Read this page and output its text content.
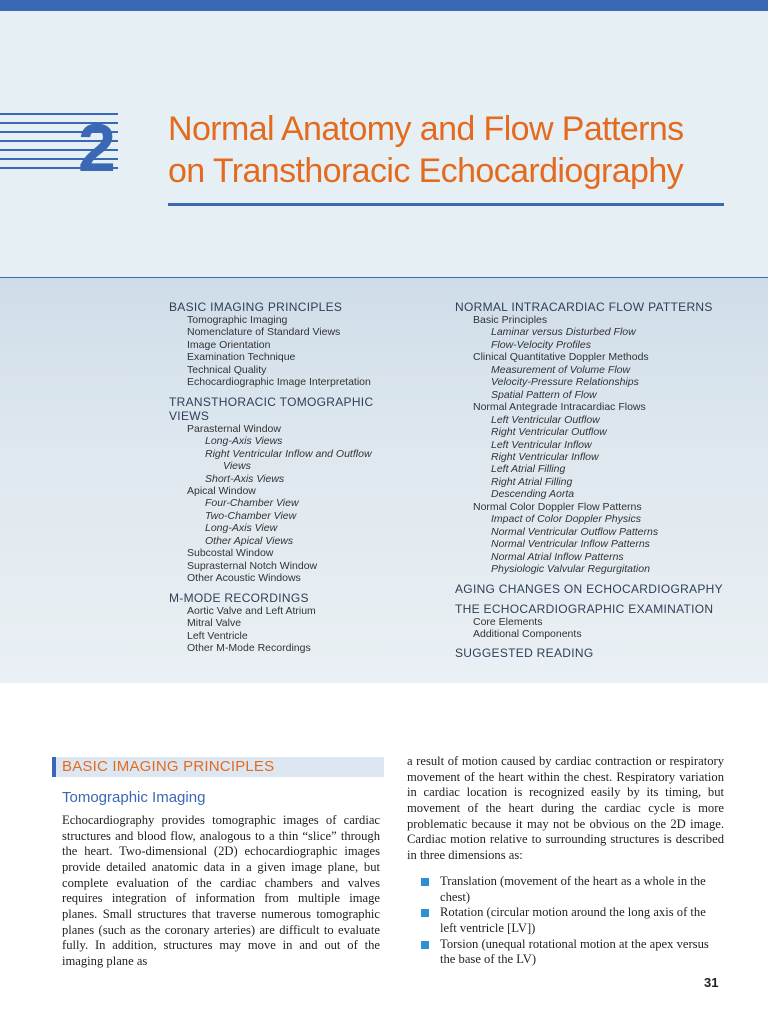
2 Normal Anatomy and Flow Patterns
on Transthoracic Echocardiography
BASIC IMAGING PRINCIPLES
Tomographic Imaging
Nomenclature of Standard Views
Image Orientation
Examination Technique
Technical Quality
Echocardiographic Image Interpretation
TRANSTHORACIC TOMOGRAPHIC
VIEWS
Parasternal Window
Long-Axis Views
Right Ventricular Inflow and Outflow
Views
Short-Axis Views
Apical Window
Four-Chamber View
Two-Chamber View
Long-Axis View
Other Apical Views
Subcostal Window
Suprasternal Notch Window
Other Acoustic Windows
M-MODE RECORDINGS
Aortic Valve and Left Atrium
Mitral Valve
Left Ventricle
Other M-Mode Recordings
NORMAL INTRACARDIAC FLOW PATTERNS
Basic Principles
Laminar versus Disturbed Flow
Flow-Velocity Profiles
Clinical Quantitative Doppler Methods
Measurement of Volume Flow
Velocity-Pressure Relationships
Spatial Pattern of Flow
Normal Antegrade Intracardiac Flows
Left Ventricular Outflow
Right Ventricular Outflow
Left Ventricular Inflow
Right Ventricular Inflow
Left Atrial Filling
Right Atrial Filling
Descending Aorta
Normal Color Doppler Flow Patterns
Impact of Color Doppler Physics
Normal Ventricular Outflow Patterns
Normal Ventricular Inflow Patterns
Normal Atrial Inflow Patterns
Physiologic Valvular Regurgitation
AGING CHANGES ON ECHOCARDIOGRAPHY
THE ECHOCARDIOGRAPHIC EXAMINATION
Core Elements
Additional Components
SUGGESTED READING
BASIC IMAGING PRINCIPLES
Tomographic Imaging
Echocardiography provides tomographic images of cardiac structures and blood flow, analogous to a thin “slice” through the heart. Two-dimensional (2D) echocardiographic images provide detailed anatomic data in a given image plane, but complete evaluation of the cardiac chambers and valves requires integration of information from multiple image planes. Small structures that traverse numerous tomographic planes (such as the coronary arteries) are difficult to evaluate fully. In addition, structures may move in and out of the imaging plane as
a result of motion caused by cardiac contraction or respiratory movement of the heart within the chest. Respiratory variation in cardiac location is recognized easily by its timing, but movement of the heart during the cardiac cycle is more problematic because it may not be obvious on the 2D image. Cardiac motion relative to surrounding structures is described in three dimensions as:
Translation (movement of the heart as a whole in the chest)
Rotation (circular motion around the long axis of the left ventricle [LV])
Torsion (unequal rotational motion at the apex versus the base of the LV)
31
